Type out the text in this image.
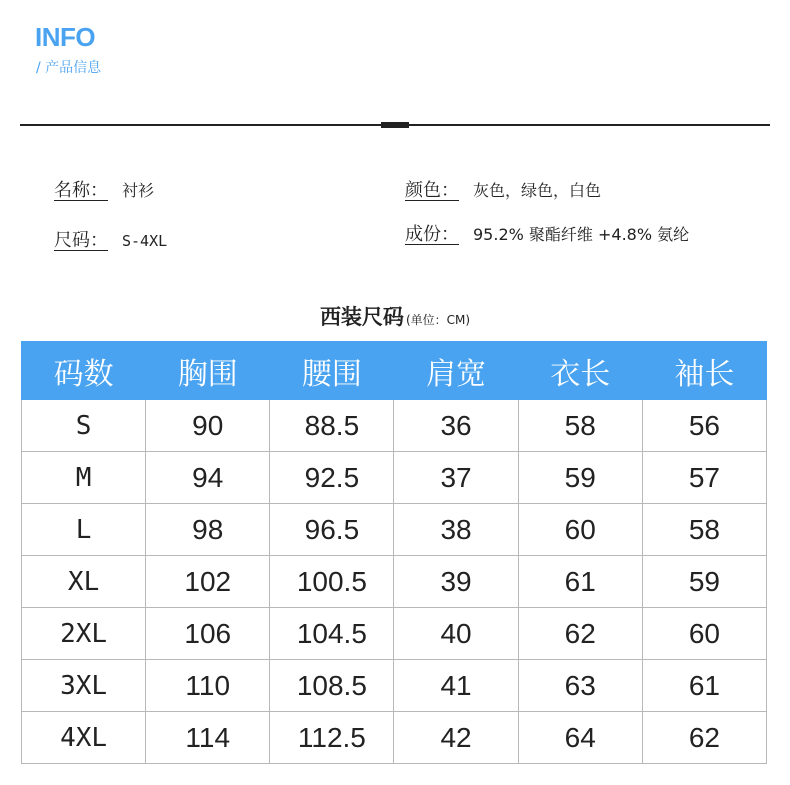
INFO
/ 产品信息
名称： 衬衫
尺码： S-4XL
颜色： 灰色，绿色，白色
成份： 95.2% 聚酯纤维 +4.8% 氨纶
西装尺码 (单位：CM)
码数	胸围	腰围	肩宽	衣长	袖长
S	90	88.5	36	58	56
M	94	92.5	37	59	57
L	98	96.5	38	60	58
XL	102	100.5	39	61	59
2XL	106	104.5	40	62	60
3XL	110	108.5	41	63	61
4XL	114	112.5	42	64	62
